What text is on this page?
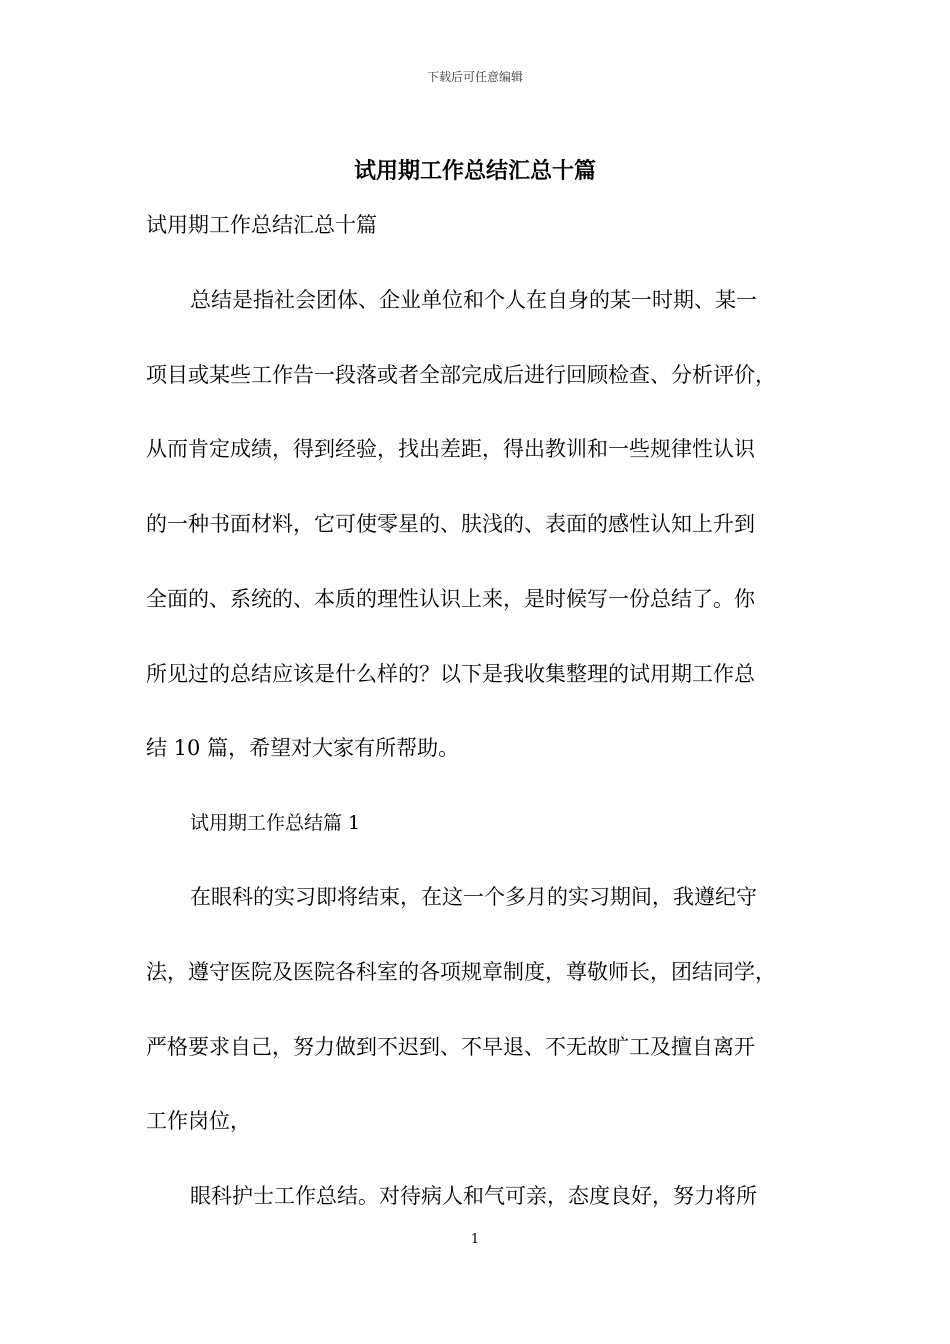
下载后可任意编辑
试用期工作总结汇总十篇
试用期工作总结汇总十篇
总结是指社会团体、企业单位和个人在自身的某一时期、某一
项目或某些工作告一段落或者全部完成后进行回顾检查、分析评价，
从而肯定成绩，得到经验，找出差距，得出教训和一些规律性认识
的一种书面材料，它可使零星的、肤浅的、表面的感性认知上升到
全面的、系统的、本质的理性认识上来，是时候写一份总结了。你
所见过的总结应该是什么样的？以下是我收集整理的试用期工作总
结 10 篇，希望对大家有所帮助。
试用期工作总结篇 1
在眼科的实习即将结束，在这一个多月的实习期间，我遵纪守
法，遵守医院及医院各科室的各项规章制度，尊敬师长，团结同学，
严格要求自己，努力做到不迟到、不早退、不无故旷工及擅自离开
工作岗位，
眼科护士工作总结。对待病人和气可亲，态度良好，努力将所
1
